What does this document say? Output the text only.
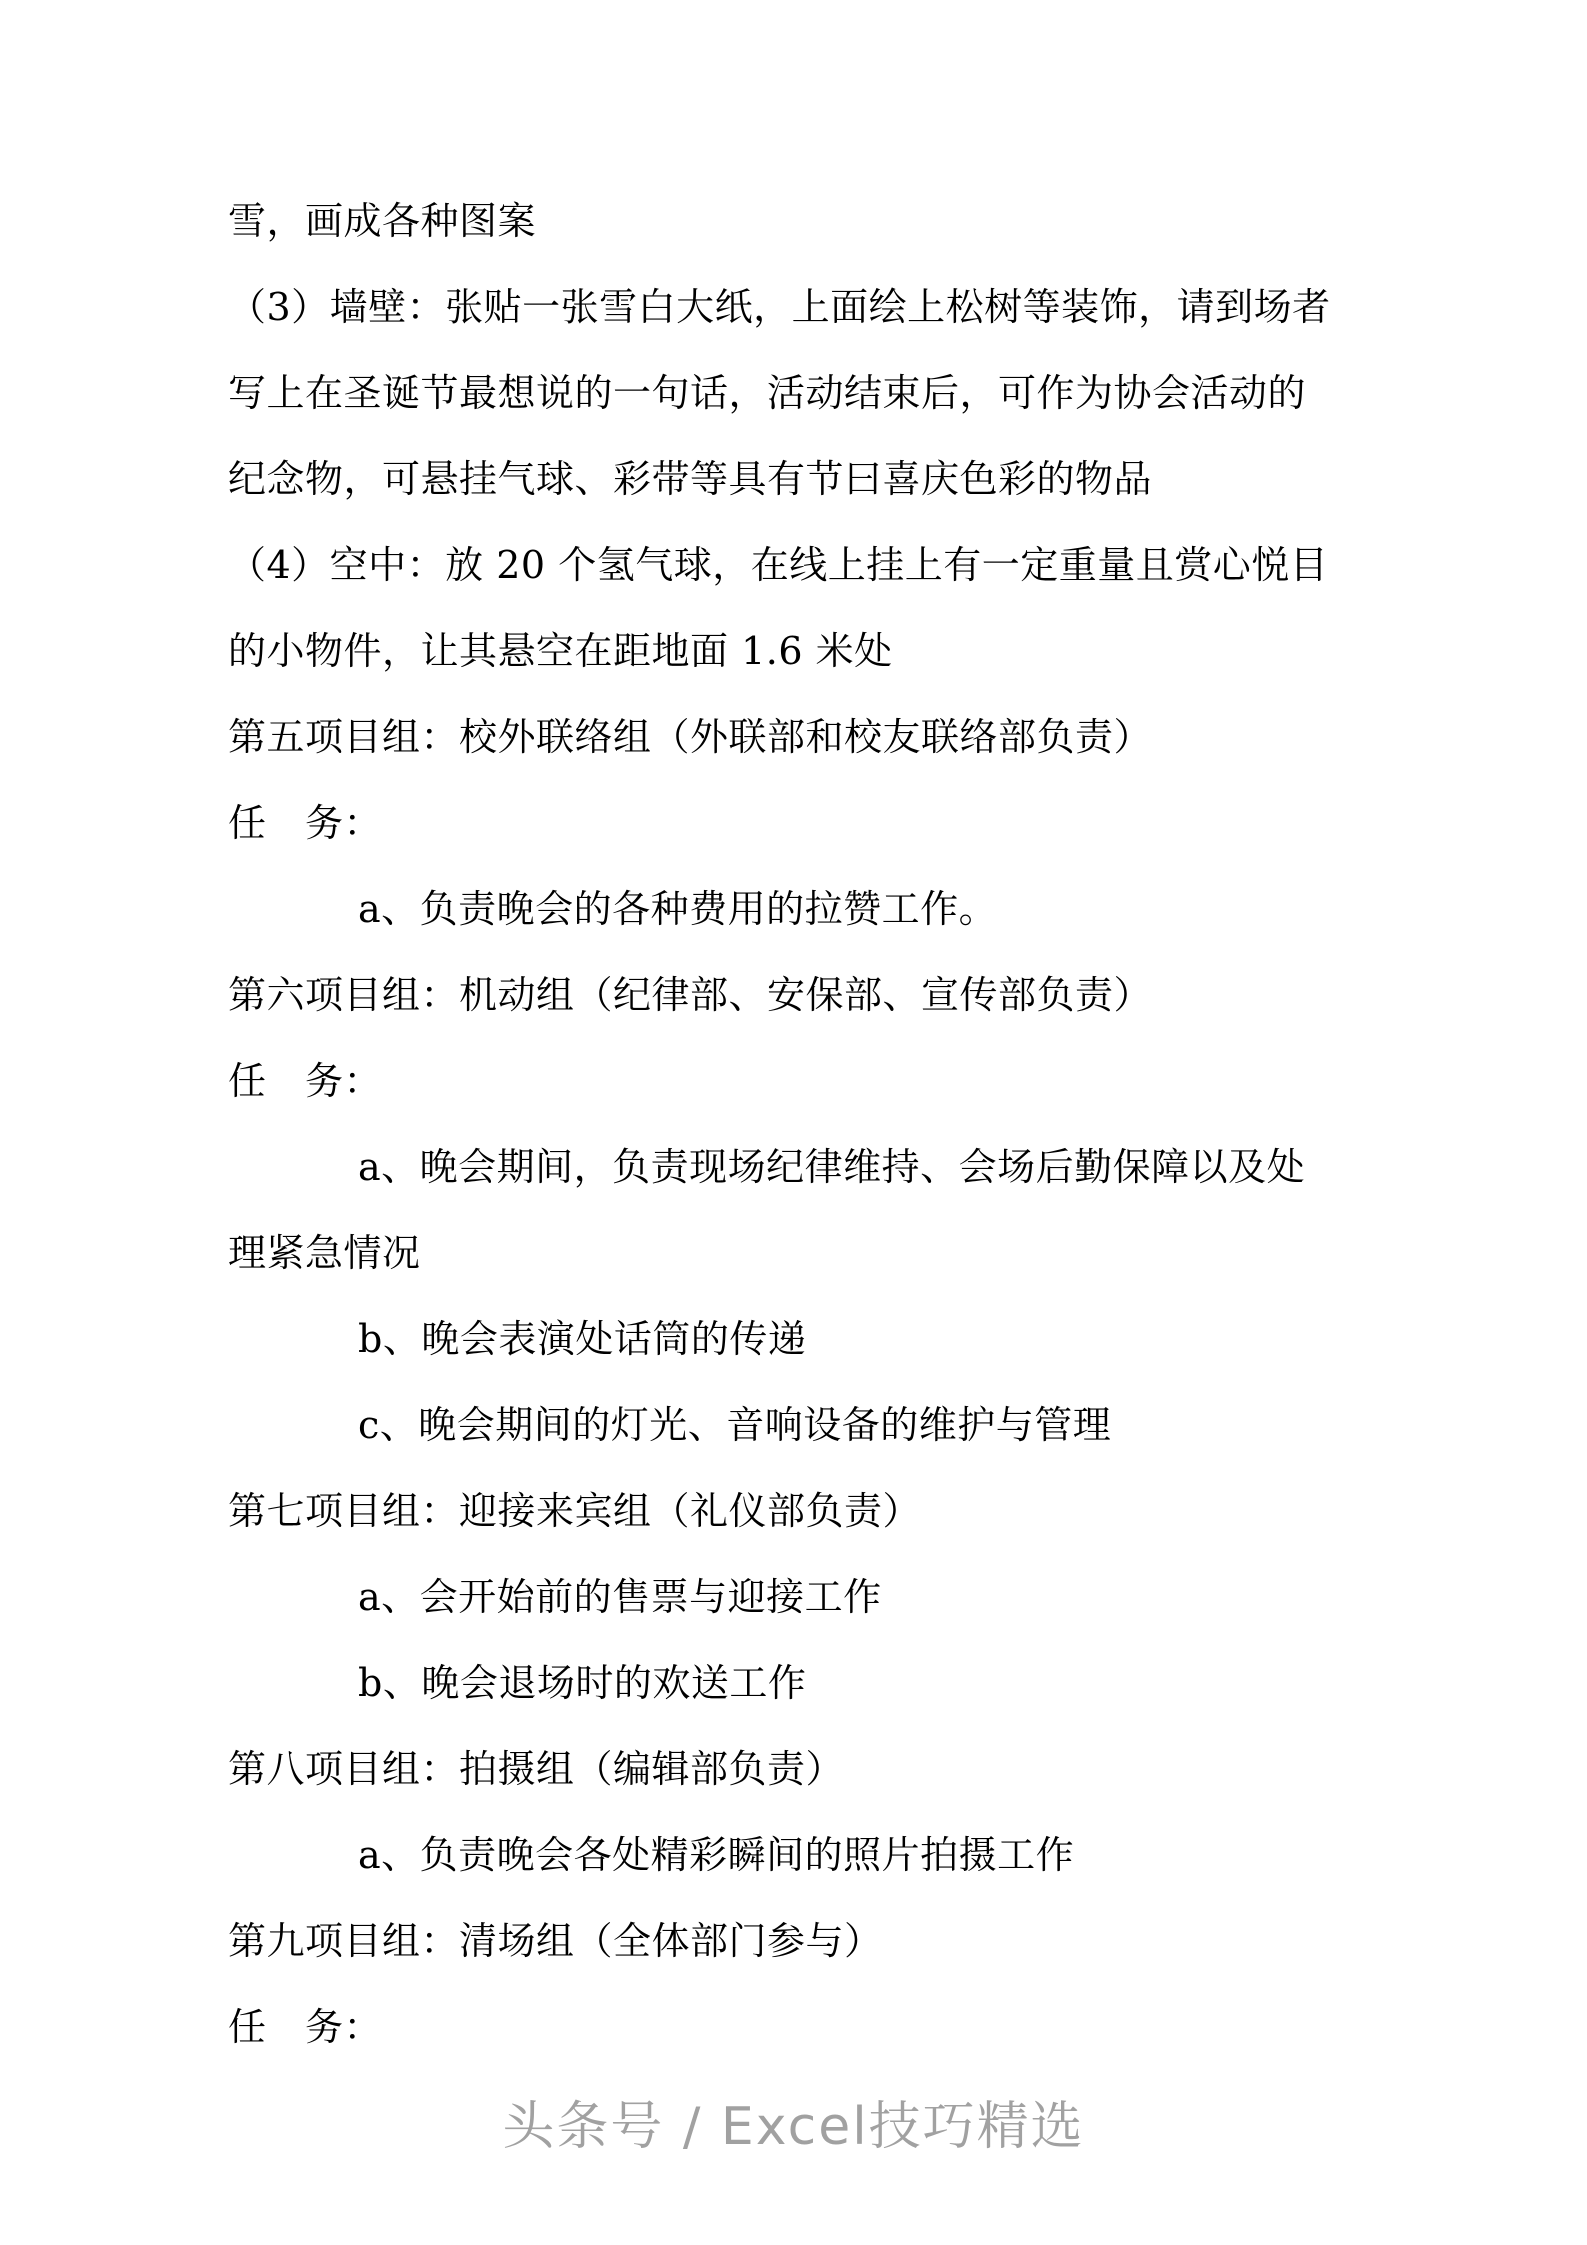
雪，画成各种图案
（3）墙壁：张贴一张雪白大纸，上面绘上松树等装饰，请到场者
写上在圣诞节最想说的一句话，活动结束后，可作为协会活动的
纪念物，可悬挂气球、彩带等具有节曰喜庆色彩的物品
（4）空中：放 20 个氢气球，在线上挂上有一定重量且赏心悦目
的小物件，让其悬空在距地面 1.6 米处
第五项目组：校外联络组（外联部和校友联络部负责）
任　务：
a、负责晚会的各种费用的拉赞工作。
第六项目组：机动组（纪律部、安保部、宣传部负责）
任　务：
a、晚会期间，负责现场纪律维持、会场后勤保障以及处
理紧急情况
b、晚会表演处话筒的传递
c、晚会期间的灯光、音响设备的维护与管理
第七项目组：迎接来宾组（礼仪部负责）
a、会开始前的售票与迎接工作
b、晚会退场时的欢送工作
第八项目组：拍摄组（编辑部负责）
a、负责晚会各处精彩瞬间的照片拍摄工作
第九项目组：清场组（全体部门参与）
任　务：
头条号 / Excel技巧精选
